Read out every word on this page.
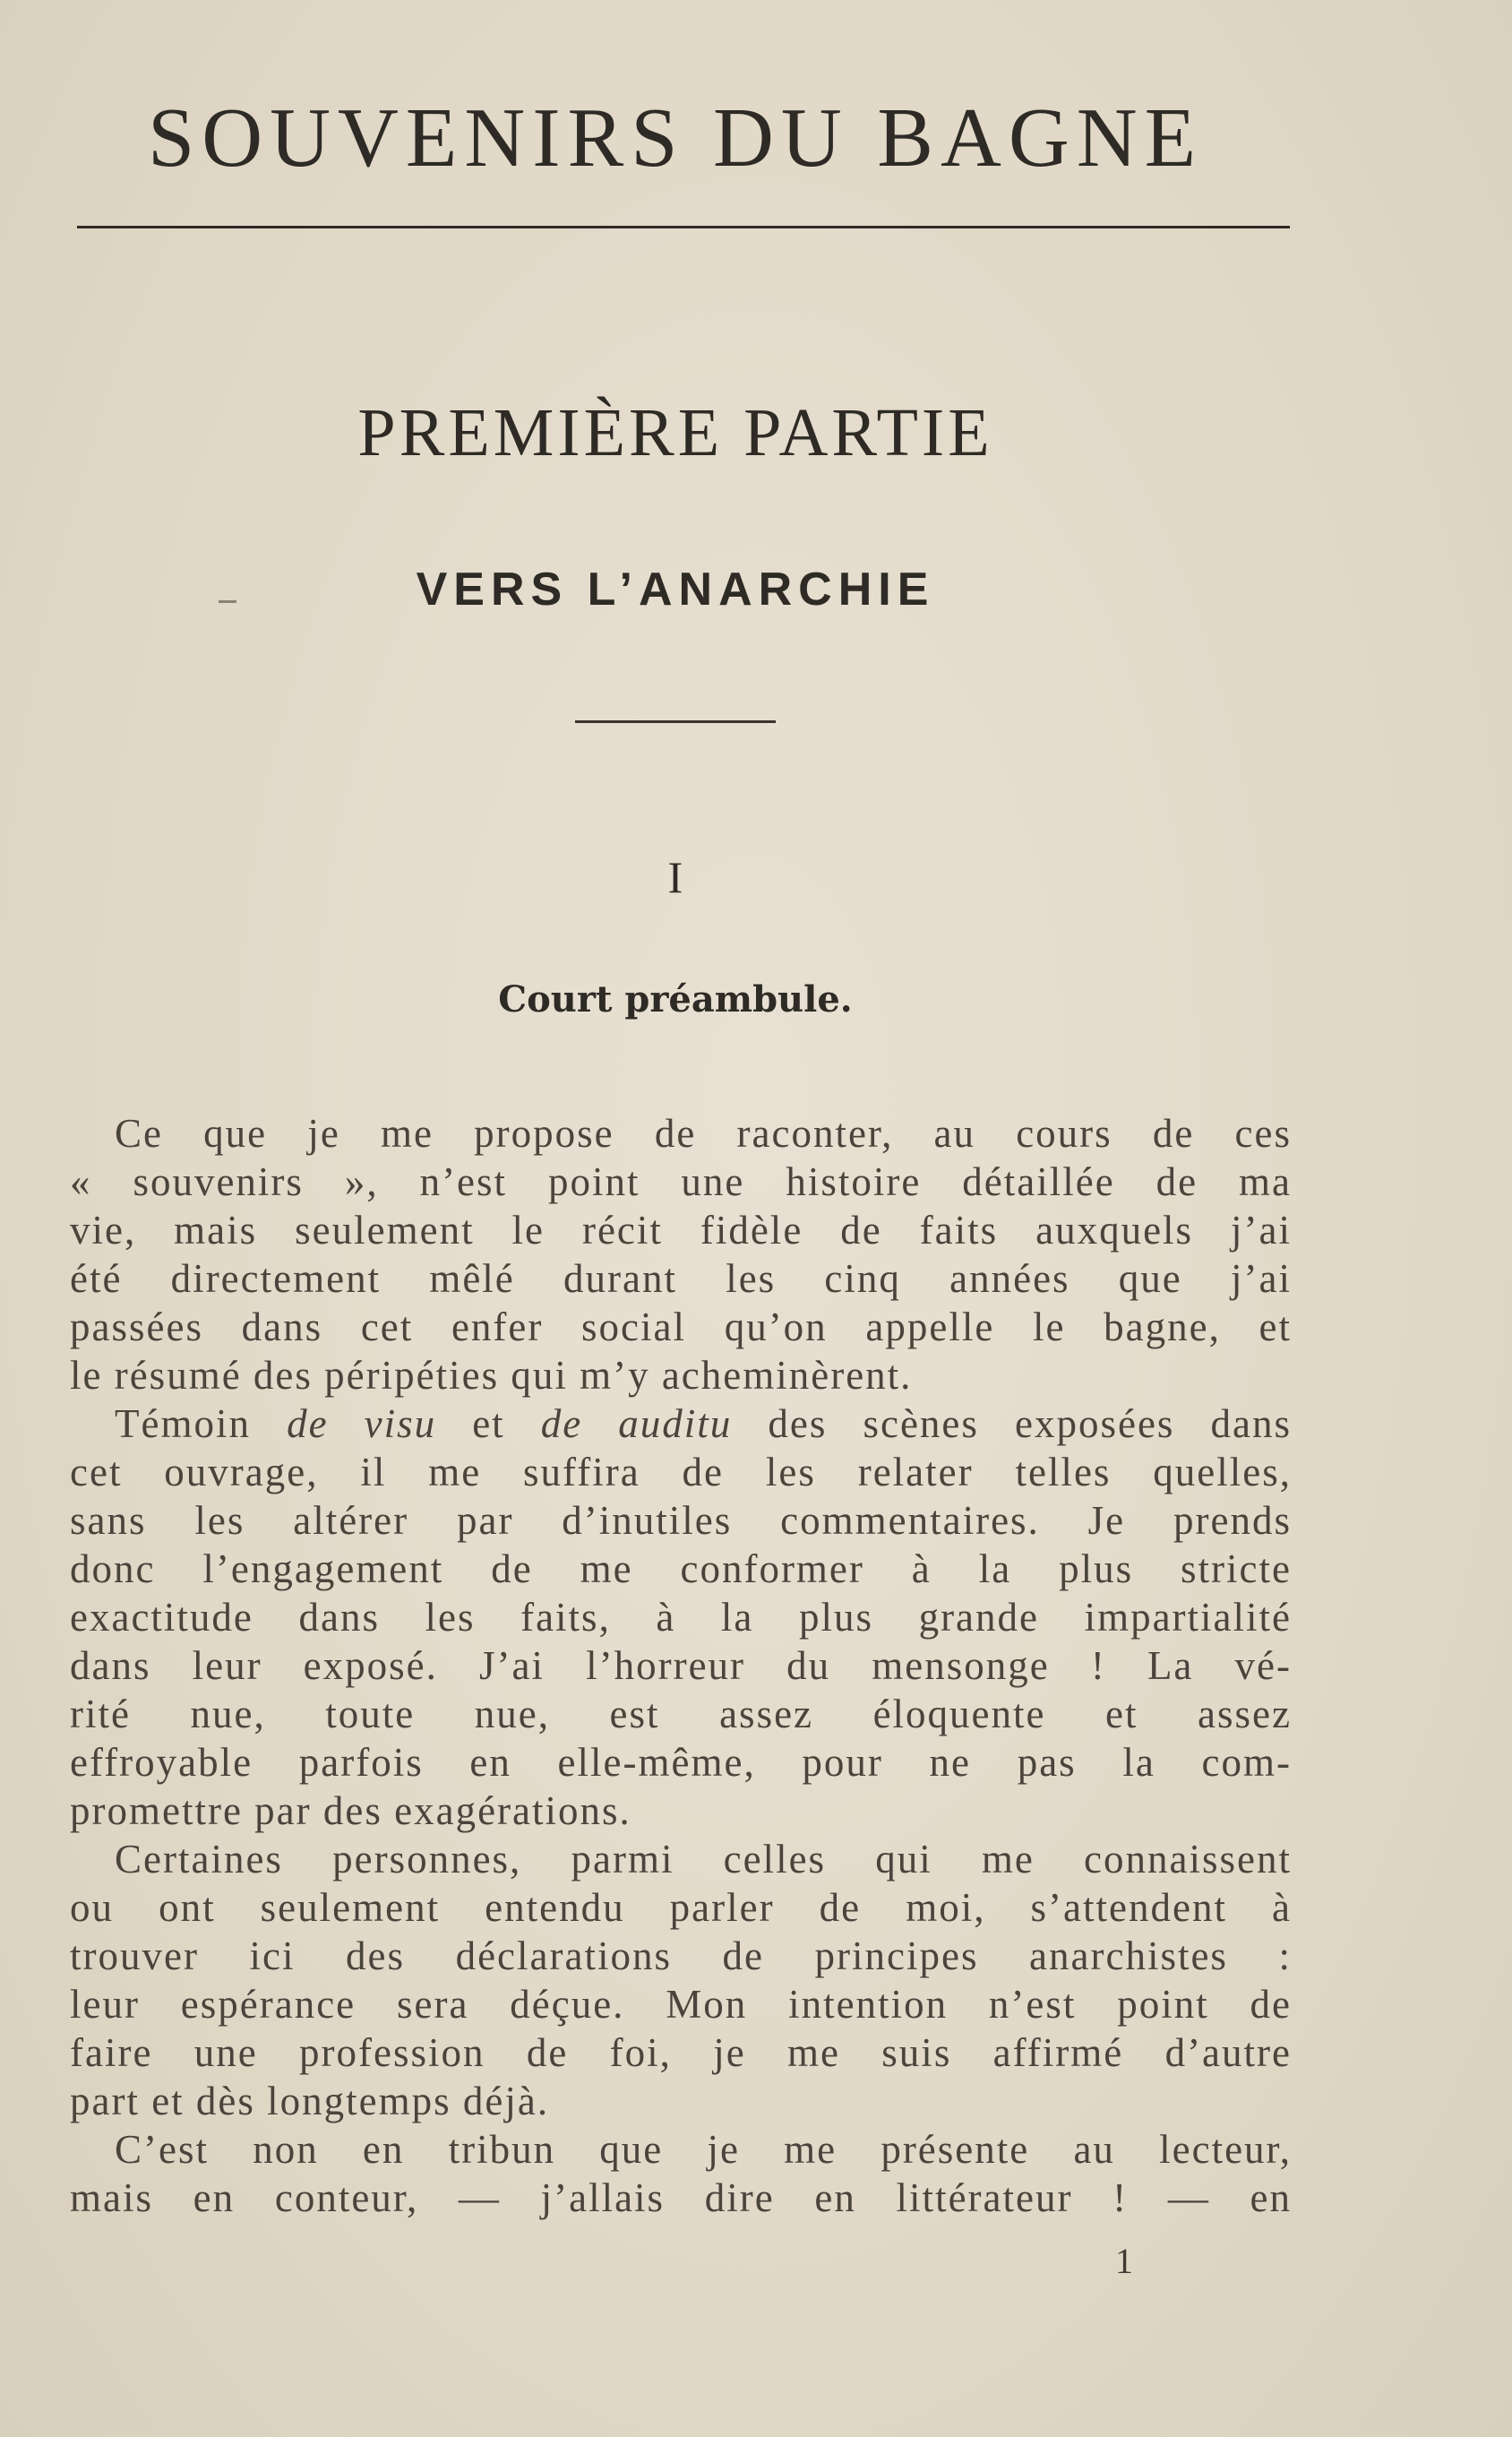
SOUVENIRS DU BAGNE
PREMIÈRE PARTIE
VERS L’ANARCHIE
I
Court préambule.
Ce que je me propose de raconter, au cours de ces
« souvenirs », n’est point une histoire détaillée de ma
vie, mais seulement le récit fidèle de faits auxquels j’ai
été directement mêlé durant les cinq années que j’ai
passées dans cet enfer social qu’on appelle le bagne, et
le résumé des péripéties qui m’y acheminèrent.
Témoin de visu et de auditu des scènes exposées dans
cet ouvrage, il me suffira de les relater telles quelles,
sans les altérer par d’inutiles commentaires. Je prends
donc l’engagement de me conformer à la plus stricte
exactitude dans les faits, à la plus grande impartialité
dans leur exposé. J’ai l’horreur du mensonge ! La vé-
rité nue, toute nue, est assez éloquente et assez
effroyable parfois en elle-même, pour ne pas la com-
promettre par des exagérations.
Certaines personnes, parmi celles qui me connaissent
ou ont seulement entendu parler de moi, s’attendent à
trouver ici des déclarations de principes anarchistes :
leur espérance sera déçue. Mon intention n’est point de
faire une profession de foi, je me suis affirmé d’autre
part et dès longtemps déjà.
C’est non en tribun que je me présente au lecteur,
mais en conteur, — j’allais dire en littérateur ! — en
1
